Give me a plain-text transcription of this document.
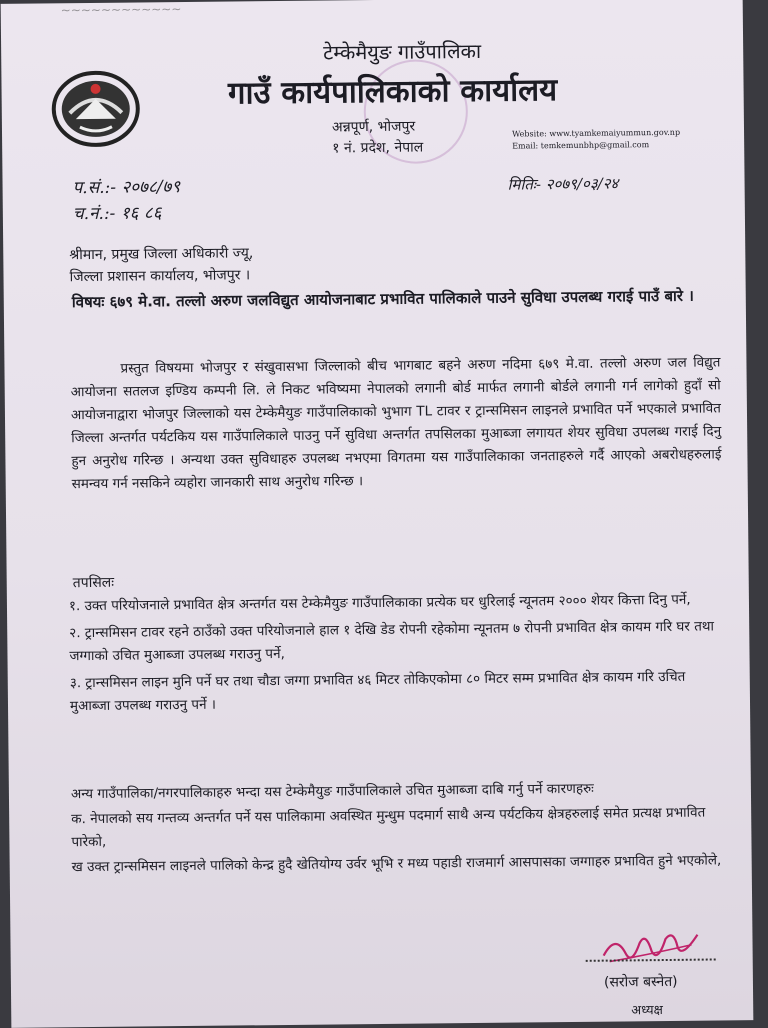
~~~~~~~~~~~~
टेम्केमैयुङ गाउँपालिका
गाउँ कार्यपालिकाको कार्यालय
अन्नपूर्ण, भोजपुर
१ नं. प्रदेश, नेपाल
Website: www.tyamkemaiyummun.gov.np
Email: temkemunbhp@gmail.com
प.सं.:- २०७८/७९
च.नं.:- १६ ८६
मितिः- २०७९/०३/२४
श्रीमान, प्रमुख जिल्ला अधिकारी ज्यू,
जिल्ला प्रशासन कार्यालय, भोजपुर ।
विषयः ६७९ मे.वा. तल्लो अरुण जलविद्युत आयोजनाबाट प्रभावित पालिकाले पाउने सुविधा उपलब्ध गराई पाउँ बारे ।
प्रस्तुत विषयमा भोजपुर र संखुवासभा जिल्लाको बीच भागबाट बहने अरुण नदिमा ६७९ मे.वा. तल्लो अरुण जल विद्युत आयोजना सतलज इण्डिय कम्पनी लि. ले निकट भविष्यमा नेपालको लगानी बोर्ड मार्फत लगानी बोर्डले लगानी गर्न लागेको हुदाँ सो आयोजनाद्वारा भोजपुर जिल्लाको यस टेम्केमैयुङ गाउँपालिकाको भुभाग TL टावर र ट्रान्समिसन लाइनले प्रभावित पर्ने भएकाले प्रभावित जिल्ला अन्तर्गत पर्यटकिय यस गाउँपालिकाले पाउनु पर्ने सुविधा अन्तर्गत तपसिलका मुआब्जा लगायत शेयर सुविधा उपलब्ध गराई दिनु हुन अनुरोध गरिन्छ । अन्यथा उक्त सुविधाहरु उपलब्ध नभएमा विगतमा यस गाउँपालिकाका जनताहरुले गर्दै आएको अबरोधहरुलाई समन्वय गर्न नसकिने व्यहोरा जानकारी साथ अनुरोध गरिन्छ ।
तपसिलः
१. उक्त परियोजनाले प्रभावित क्षेत्र अन्तर्गत यस टेम्केमैयुङ गाउँपालिकाका प्रत्येक घर धुरिलाई न्यूनतम २००० शेयर कित्ता दिनु पर्ने,
२. ट्रान्समिसन टावर रहने ठाउँको उक्त परियोजनाले हाल १ देखि डेड रोपनी रहेकोमा न्यूनतम ७ रोपनी प्रभावित क्षेत्र कायम गरि घर तथा जग्गाको उचित मुआब्जा उपलब्ध गराउनु पर्ने,
३. ट्रान्समिसन लाइन मुनि पर्ने घर तथा चौडा जग्गा प्रभावित ४६ मिटर तोकिएकोमा ८० मिटर सम्म प्रभावित क्षेत्र कायम गरि उचित मुआब्जा उपलब्ध गराउनु पर्ने ।
अन्य गाउँपालिका/नगरपालिकाहरु भन्दा यस टेम्केमैयुङ गाउँपालिकाले उचित मुआब्जा दाबि गर्नु पर्ने कारणहरुः
क. नेपालको सय गन्तव्य अन्तर्गत पर्ने यस पालिकामा अवस्थित मुन्धुम पदमार्ग साथै अन्य पर्यटकिय क्षेत्रहरुलाई समेत प्रत्यक्ष प्रभावित पारेको,
ख उक्त ट्रान्समिसन लाइनले पालिको केन्द्र हुदै खेतियोग्य उर्वर भूभि र मध्य पहाडी राजमार्ग आसपासका जग्गाहरु प्रभावित हुने भएकोले,
(सरोज बस्नेत)
अध्यक्ष
